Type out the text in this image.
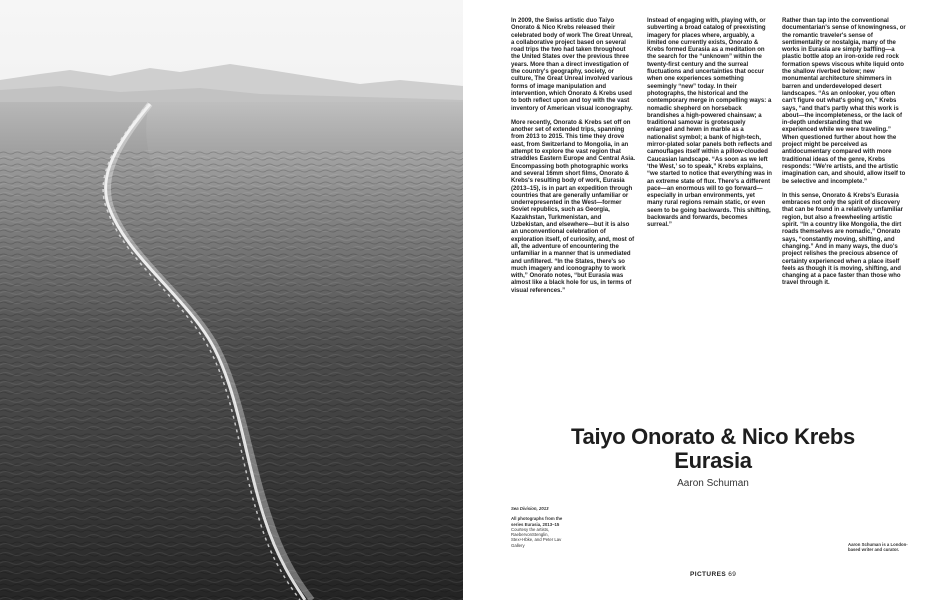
In 2009, the Swiss artistic duo Taiyo Onorato & Nico Krebs released their celebrated body of work The Great Unreal, a collaborative project based on several road trips the two had taken throughout the United States over the previous three years. More than a direct investigation of the country's geography, society, or culture, The Great Unreal involved various forms of image manipulation and intervention, which Onorato & Krebs used to both reflect upon and toy with the vast inventory of American visual iconography.

More recently, Onorato & Krebs set off on another set of extended trips, spanning from 2013 to 2015. This time they drove east, from Switzerland to Mongolia, in an attempt to explore the vast region that straddles Eastern Europe and Central Asia. Encompassing both photographic works and several 16mm short films, Onorato & Krebs's resulting body of work, Eurasia (2013–15), is in part an expedition through countries that are generally unfamiliar or underrepresented in the West—former Soviet republics, such as Georgia, Kazakhstan, Turkmenistan, and Uzbekistan, and elsewhere—but it is also an unconventional celebration of exploration itself, of curiosity, and, most of all, the adventure of encountering the unfamiliar in a manner that is unmediated and unfiltered. “In the States, there's so much imagery and iconography to work with,” Onorato notes, “but Eurasia was almost like a black hole for us, in terms of visual references.”

Instead of engaging with, playing with, or subverting a broad catalog of preexisting imagery for places where, arguably, a limited one currently exists, Onorato & Krebs formed Eurasia as a meditation on the search for the “unknown” within the twenty-first century and the surreal fluctuations and uncertainties that occur when one experiences something seemingly “new” today. In their photographs, the historical and the contemporary merge in compelling ways: a nomadic shepherd on horseback brandishes a high-powered chainsaw; a traditional samovar is grotesquely enlarged and hewn in marble as a nationalist symbol; a bank of high-tech, mirror-plated solar panels both reflects and camouflages itself within a pillow-clouded Caucasian landscape. “As soon as we left ‘the West,’ so to speak,” Krebs explains, “we started to notice that everything was in an extreme state of flux. There's a different pace—an enormous will to go forward—especially in urban environments, yet many rural regions remain static, or even seem to be going backwards. This shifting, backwards and forwards, becomes surreal.”

Rather than tap into the conventional documentarian's sense of knowingness, or the romantic traveler's sense of sentimentality or nostalgia, many of the works in Eurasia are simply baffling—a plastic bottle atop an iron-oxide red rock formation spews viscous white liquid onto the shallow riverbed below; new monumental architecture shimmers in barren and underdeveloped desert landscapes. “As an onlooker, you often can't figure out what's going on,” Krebs says, “and that's partly what this work is about—the incompleteness, or the lack of in-depth understanding that we experienced while we were traveling.” When questioned further about how the project might be perceived as antidocumentary compared with more traditional ideas of the genre, Krebs responds: “We're artists, and the artistic imagination can, and should, allow itself to be selective and incomplete.”

In this sense, Onorato & Krebs's Eurasia embraces not only the spirit of discovery that can be found in a relatively unfamiliar region, but also a freewheeling artistic spirit. “In a country like Mongolia, the dirt roads themselves are nomadic,” Onorato says, “constantly moving, shifting, and changing.” And in many ways, the duo's project relishes the precious absence of certainty experienced when a place itself feels as though it is moving, shifting, and changing at a pace faster than those who travel through it.

Taiyo Onorato & Nico Krebs
Eurasia
Aaron Schuman
Sea Division, 2013
All photographs from the series Eurasia, 2013–15
Courtesy the artists, RaebervonStenglin, Stex+Hbke, and Peter Lav Gallery	Aaron Schuman is a London-based writer and curator.
PICTURES 69
